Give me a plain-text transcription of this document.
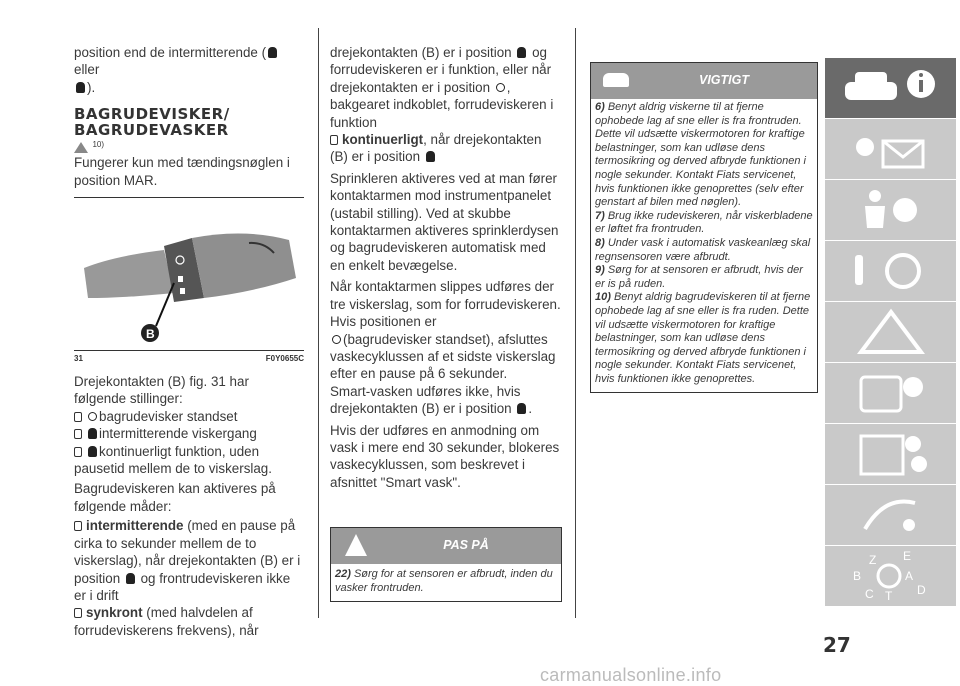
position end de intermitterende ( eller
).

BAGRUDEVISKER/
BAGRUDEVASKER
$^{10)}$

Fungerer kun med tændingsnøglen i position MAR.

B
31	F0Y0655C

Drejekontakten (B) fig. 31 har følgende stillinger:

bagrudevisker standset

intermitterende viskergang

kontinuerligt funktion, uden
pausetid mellem de to viskerslag.

Bagrudeviskeren kan aktiveres på følgende måder:

intermitterende (med en pause på cirka to sekunder mellem de to viskerslag), når drejekontakten (B) er i position  og frontrudeviskeren ikke er i drift

synkront (med halvdelen af forrudeviskerens frekvens), når

drejekontakten (B) er i position  og forrudeviskeren er i funktion, eller når drejekontakten er i position , bakgearet indkoblet, forrudeviskeren i funktion

kontinuerligt, når drejekontakten (B) er i position

Sprinkleren aktiveres ved at man fører kontaktarmen mod instrumentpanelet (ustabil stilling). Ved at skubbe kontaktarmen aktiveres sprinklerdysen og bagrudeviskeren automatisk med en enkelt bevægelse.

Når kontaktarmen slippes udføres der tre viskerslag, som for forrudeviskeren. Hvis positionen er
(bagrudevisker standset), afsluttes vaskecyklussen af et sidste viskerslag efter en pause på 6 sekunder.

Smart-vasken udføres ikke, hvis drejekontakten (B) er i position .

Hvis der udføres en anmodning om vask i mere end 30 sekunder, blokeres vaskecyklussen, som beskrevet i afsnittet "Smart vask".

PAS PÅ

22) Sørg for at sensoren er afbrudt, inden du vasker frontruden.

VIGTIGT

6) Benyt aldrig viskerne til at fjerne ophobede lag af sne eller is fra frontruden. Dette vil udsætte viskermotoren for kraftige belastninger, som kan udløse dens termosikring og derved afbryde funktionen i nogle sekunder. Kontakt Fiats servicenet, hvis funktionen ikke genoprettes (selv efter genstart af bilen med nøglen).

7) Brug ikke rudeviskeren, når viskerbladene er løftet fra frontruden.

8) Under vask i automatisk vaskeanlæg skal regnsensoren være afbrudt.

9) Sørg for at sensoren er afbrudt, hvis der er is på ruden.

10) Benyt aldrig bagrudeviskeren til at fjerne ophobede lag af sne eller is fra ruden. Dette vil udsætte viskermotoren for kraftige belastninger, som kan udløse dens termosikring og derved afbryde funktionen i nogle sekunder. Kontakt Fiats servicenet, hvis funktionen ikke genoprettes.

Z E
B	A
C T D
27
carmanualsonline.info
